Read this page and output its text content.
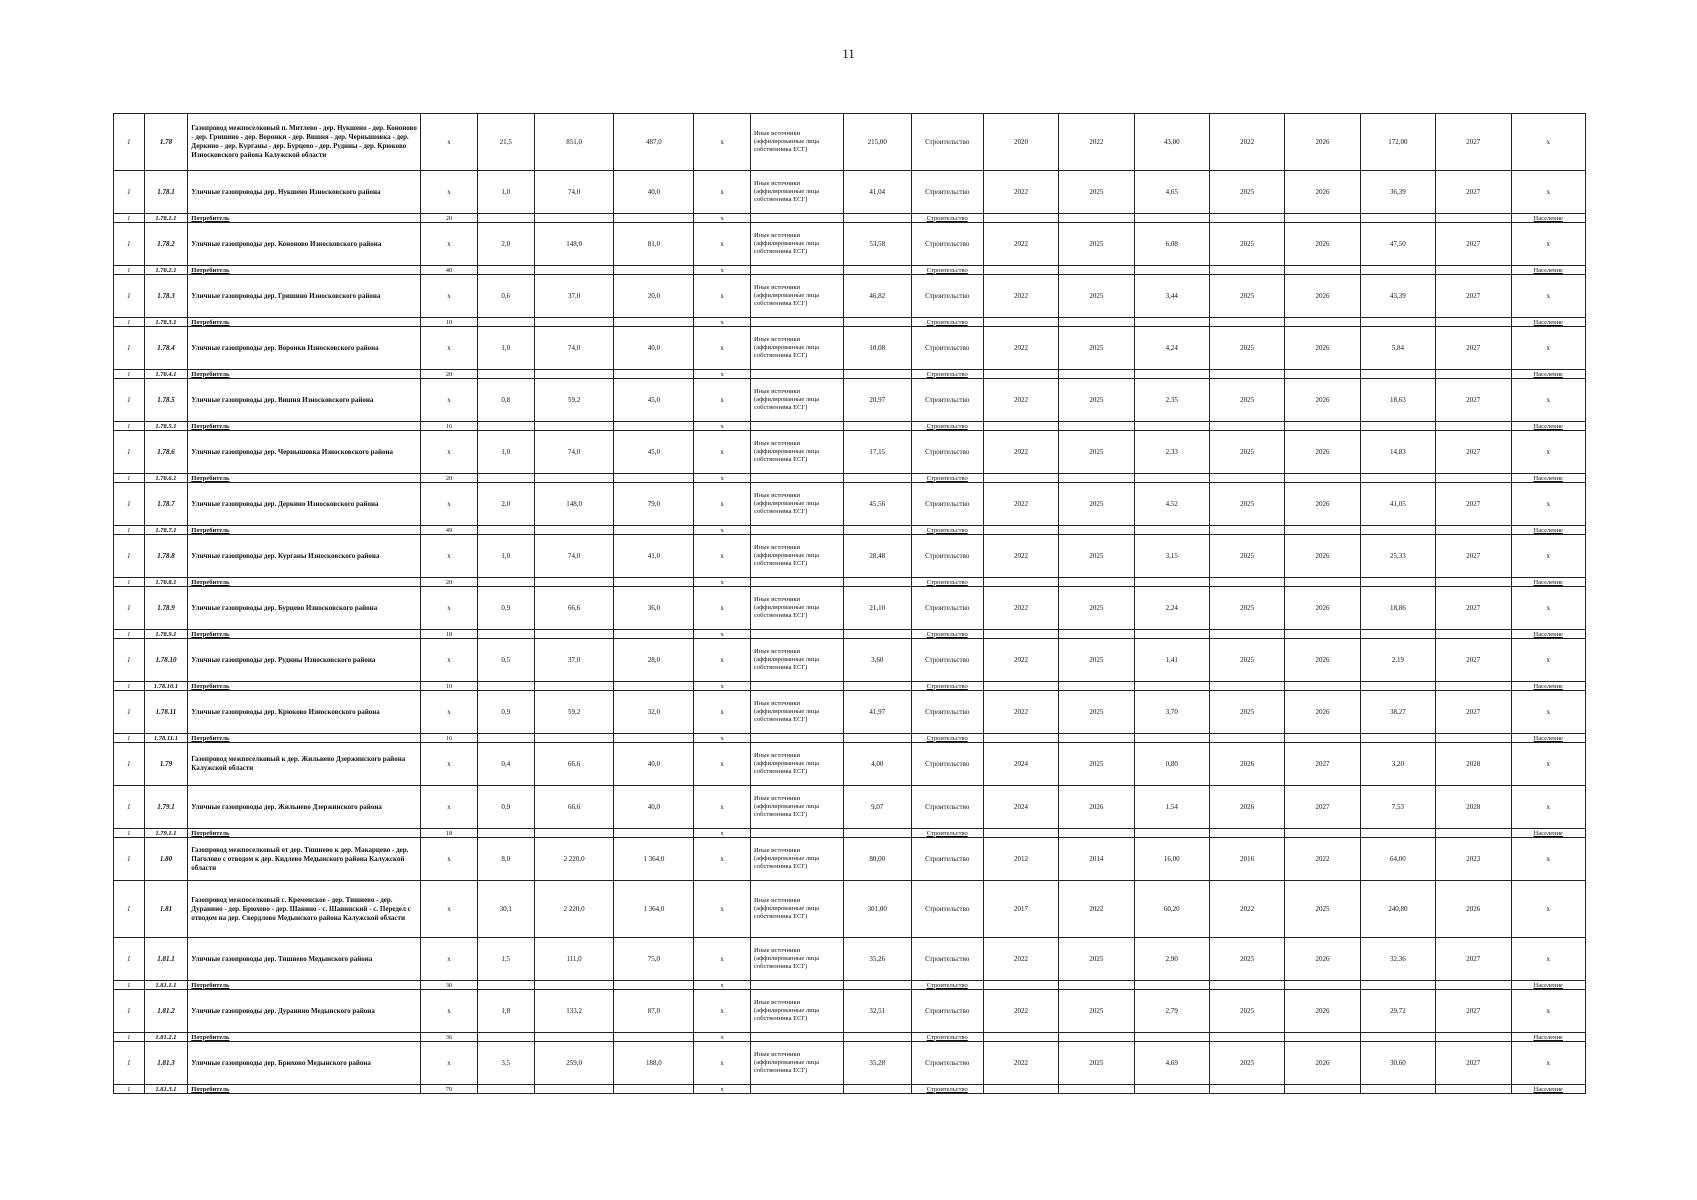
11
1	1.78	Газопровод межпоселковый п. Митлево - дер. Нукшено - дер. Кононово - дер. Гришино - дер. Воронки - дер. Вишня - дер. Чернышовка - дер. Деркино - дер. Курганы - дер. Бурцево - дер. Рудниы - дер. Крюково Износковского района Калужской области	x	21,5	851,0	487,0	x	Иные источники (аффилированные лица собственника ЕСГ)	215,00	Строительство	2020	2022	43,00	2022	2026	172,00	2027	x
1	1.78.1	Уличные газопроводы дер. Нукшено Износковского района	x	1,0	74,0	40,0	x	Иные источники (аффилированные лица собственника ЕСГ)	41,04	Строительство	2022	2025	4,65	2025	2026	36,39	2027	x
1	1.78.1.1	Потребитель	20				x			Строительство								Население
1	1.78.2	Уличные газопроводы дер. Кононово Износковского района	x	2,0	148,0	81,0	x	Иные источники (аффилированные лица собственника ЕСГ)	53,58	Строительство	2022	2025	6,08	2025	2026	47,50	2027	x
1	1.78.2.1	Потребитель	40				x			Строительство								Население
1	1.78.3	Уличные газопроводы дер. Гришино Износковского района	x	0,6	37,0	20,0	x	Иные источники (аффилированные лица собственника ЕСГ)	46,82	Строительство	2022	2025	3,44	2025	2026	43,39	2027	x
1	1.78.3.1	Потребитель	10				x			Строительство								Население
1	1.78.4	Уличные газопроводы дер. Воронки Износковского района	x	1,0	74,0	40,0	x	Иные источники (аффилированные лица собственника ЕСГ)	10,08	Строительство	2022	2025	4,24	2025	2026	5,84	2027	x
1	1.78.4.1	Потребитель	20				x			Строительство								Население
1	1.78.5	Уличные газопроводы дер. Вишня Износковского района	x	0,8	59,2	45,0	x	Иные источники (аффилированные лица собственника ЕСГ)	20,97	Строительство	2022	2025	2,35	2025	2026	18,63	2027	x
1	1.78.5.1	Потребитель	16				x			Строительство								Население
1	1.78.6	Уличные газопроводы дер. Чернышовка Износковского района	x	1,0	74,0	45,0	x	Иные источники (аффилированные лица собственника ЕСГ)	17,15	Строительство	2022	2025	2,33	2025	2026	14,83	2027	x
1	1.78.6.1	Потребитель	20				x			Строительство								Население
1	1.78.7	Уличные газопроводы дер. Деркино Износковского района	x	2,0	148,0	79,0	x	Иные источники (аффилированные лица собственника ЕСГ)	45,56	Строительство	2022	2025	4,52	2025	2026	41,05	2027	x
1	1.78.7.1	Потребитель	49				x			Строительство								Население
1	1.78.8	Уличные газопроводы дер. Курганы Износковского района	x	1,0	74,0	41,0	x	Иные источники (аффилированные лица собственника ЕСГ)	28,48	Строительство	2022	2025	3,15	2025	2026	25,33	2027	x
1	1.78.8.1	Потребитель	20				x			Строительство								Население
1	1.78.9	Уличные газопроводы дер. Бурцево Износковского района	x	0,9	66,6	36,0	x	Иные источники (аффилированные лица собственника ЕСГ)	21,10	Строительство	2022	2025	2,24	2025	2026	18,86	2027	x
1	1.78.9.1	Потребитель	18				x			Строительство								Население
1	1.78.10	Уличные газопроводы дер. Рудниы Износковского района	x	0,5	37,0	28,0	x	Иные источники (аффилированные лица собственника ЕСГ)	3,60	Строительство	2022	2025	1,41	2025	2026	2,19	2027	x
1	1.78.10.1	Потребитель	10				x			Строительство								Население
1	1.78.11	Уличные газопроводы дер. Крюково Износковского района	x	0,9	59,2	32,0	x	Иные источники (аффилированные лица собственника ЕСГ)	41,97	Строительство	2022	2025	3,70	2025	2026	38,27	2027	x
1	1.78.11.1	Потребитель	16				x			Строительство								Население
1	1.79	Газопровод межпоселковый к дер. Жильнево Дзержинского района Калужской области	x	0,4	66,6	40,0	x	Иные источники (аффилированные лица собственника ЕСГ)	4,00	Строительство	2024	2025	0,80	2026	2027	3,20	2028	x
1	1.79.1	Уличные газопроводы дер. Жильнево Дзержинского района	x	0,9	66,6	40,0	x	Иные источники (аффилированные лица собственника ЕСГ)	9,07	Строительство	2024	2026	1,54	2026	2027	7,53	2028	x
1	1.79.1.1	Потребитель	18				x			Строительство								Население
1	1.80	Газопровод межпоселковый от дер. Тишнево к дер. Макарцево - дер. Паголово с отводом к дер. Кидлево Медынского района Калужской области	x	8,0	2 220,0	1 364,0	x	Иные источники (аффилированные лица собственника ЕСГ)	80,00	Строительство	2012	2014	16,00	2016	2022	64,00	2023	x
1	1.81	Газопровод межпоселковый с. Кременское - дер. Тишнево - дер. Дуранино - дер. Брюхово - дер. Шанино - с. Шанинский - с. Передел с отводом на дер. Свердлово Медынского района Калужской области	x	30,1	2 220,0	1 364,0	x	Иные источники (аффилированные лица собственника ЕСГ)	301,00	Строительство	2017	2022	60,20	2022	2025	240,80	2026	x
1	1.81.1	Уличные газопроводы дер. Тишнево Медынского района	x	1,5	111,0	75,0	x	Иные источники (аффилированные лица собственника ЕСГ)	35,26	Строительство	2022	2025	2,90	2025	2026	32,36	2027	x
1	1.81.1.1	Потребитель	30				x			Строительство								Население
1	1.81.2	Уличные газопроводы дер. Дуранино Медынского района	x	1,8	133,2	87,0	x	Иные источники (аффилированные лица собственника ЕСГ)	32,51	Строительство	2022	2025	2,79	2025	2026	29,72	2027	x
1	1.81.2.1	Потребитель	36				x			Строительство								Население
1	1.81.3	Уличные газопроводы дер. Брюхово Медынского района	x	3,5	259,0	188,0	x	Иные источники (аффилированные лица собственника ЕСГ)	35,28	Строительство	2022	2025	4,69	2025	2026	30,60	2027	x
1	1.81.3.1	Потребитель	70				x			Строительство								Население
